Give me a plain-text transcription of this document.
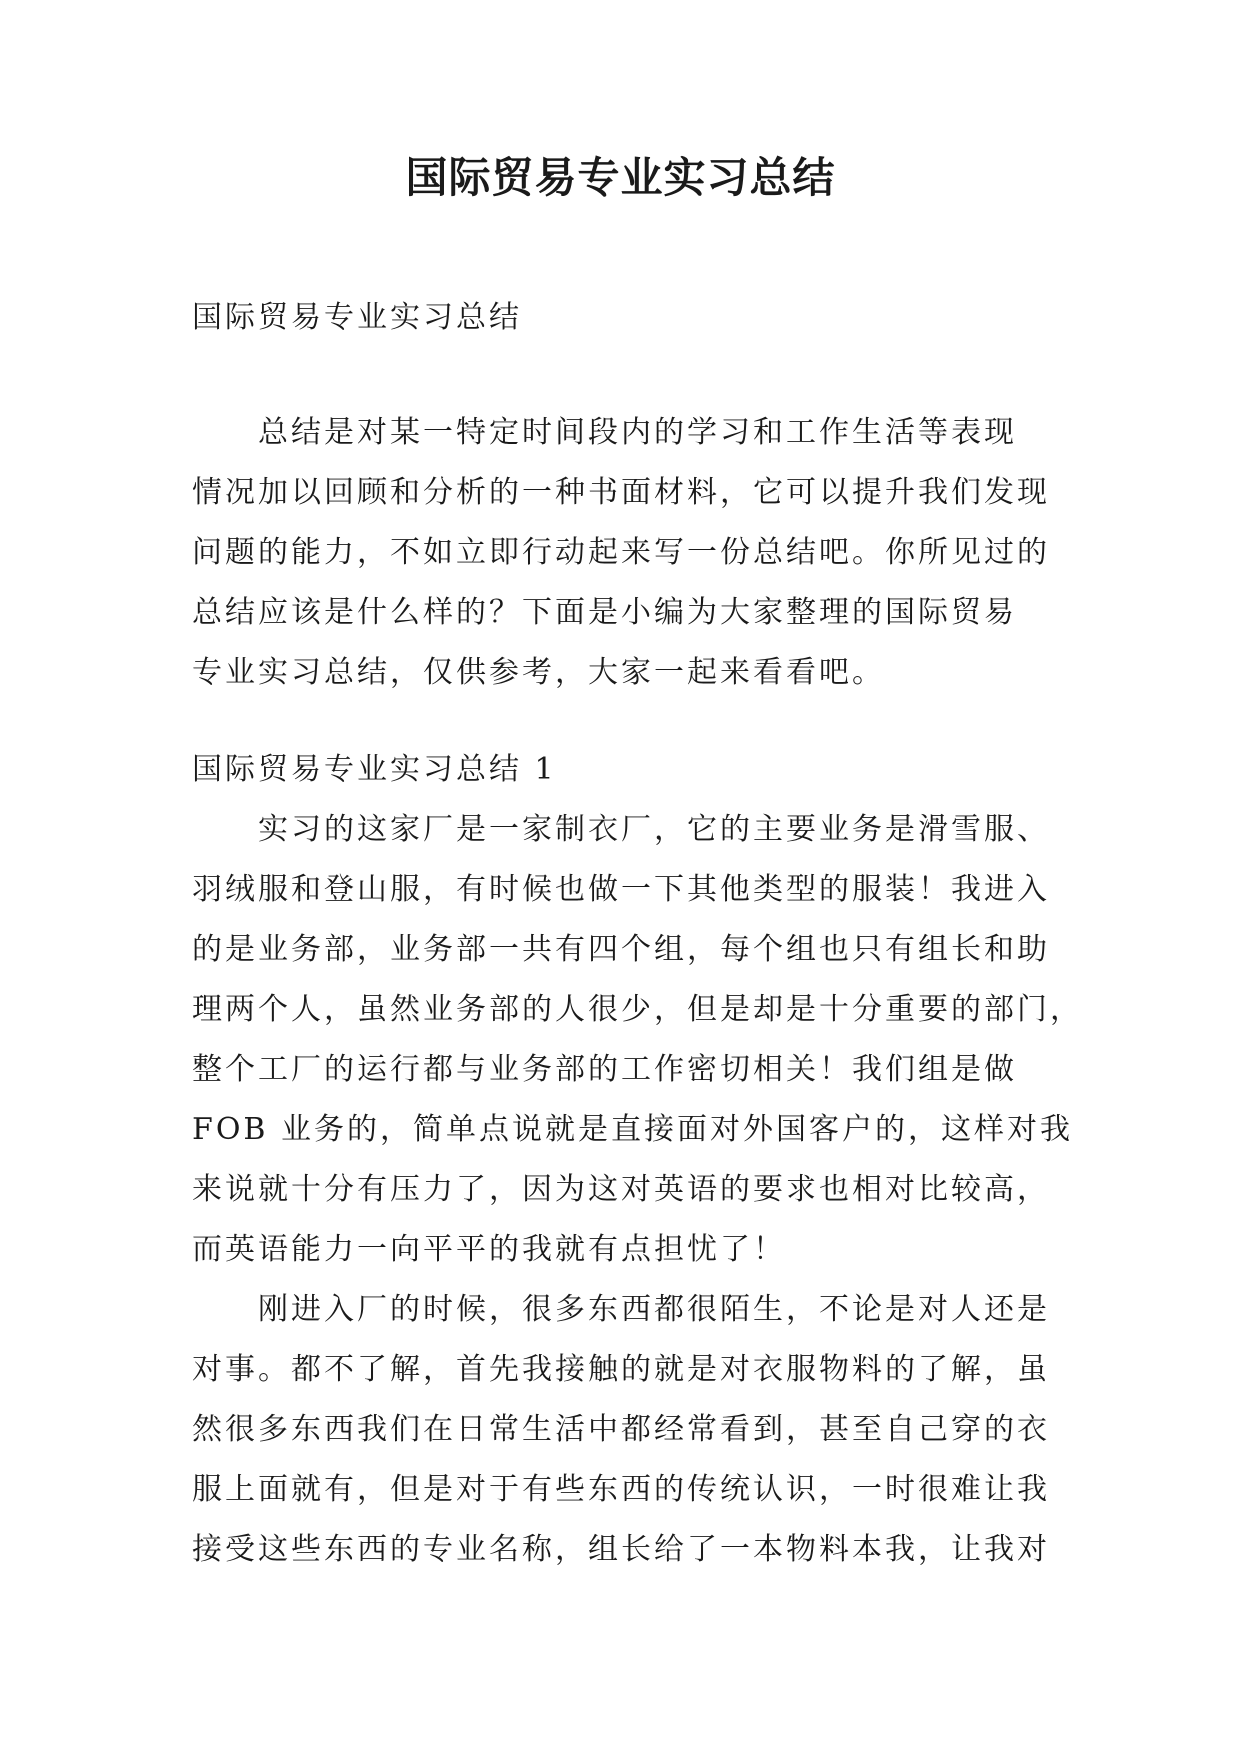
国际贸易专业实习总结

国际贸易专业实习总结

总结是对某一特定时间段内的学习和工作生活等表现
情况加以回顾和分析的一种书面材料，它可以提升我们发现
问题的能力，不如立即行动起来写一份总结吧。你所见过的
总结应该是什么样的？下面是小编为大家整理的国际贸易
专业实习总结，仅供参考，大家一起来看看吧。

国际贸易专业实习总结 1

实习的这家厂是一家制衣厂，它的主要业务是滑雪服、
羽绒服和登山服，有时候也做一下其他类型的服装！我进入
的是业务部，业务部一共有四个组，每个组也只有组长和助
理两个人，虽然业务部的人很少，但是却是十分重要的部门，
整个工厂的运行都与业务部的工作密切相关！我们组是做
FOB 业务的，简单点说就是直接面对外国客户的，这样对我
来说就十分有压力了，因为这对英语的要求也相对比较高，
而英语能力一向平平的我就有点担忧了！
刚进入厂的时候，很多东西都很陌生，不论是对人还是
对事。都不了解，首先我接触的就是对衣服物料的了解，虽
然很多东西我们在日常生活中都经常看到，甚至自己穿的衣
服上面就有，但是对于有些东西的传统认识，一时很难让我
接受这些东西的专业名称，组长给了一本物料本我，让我对
